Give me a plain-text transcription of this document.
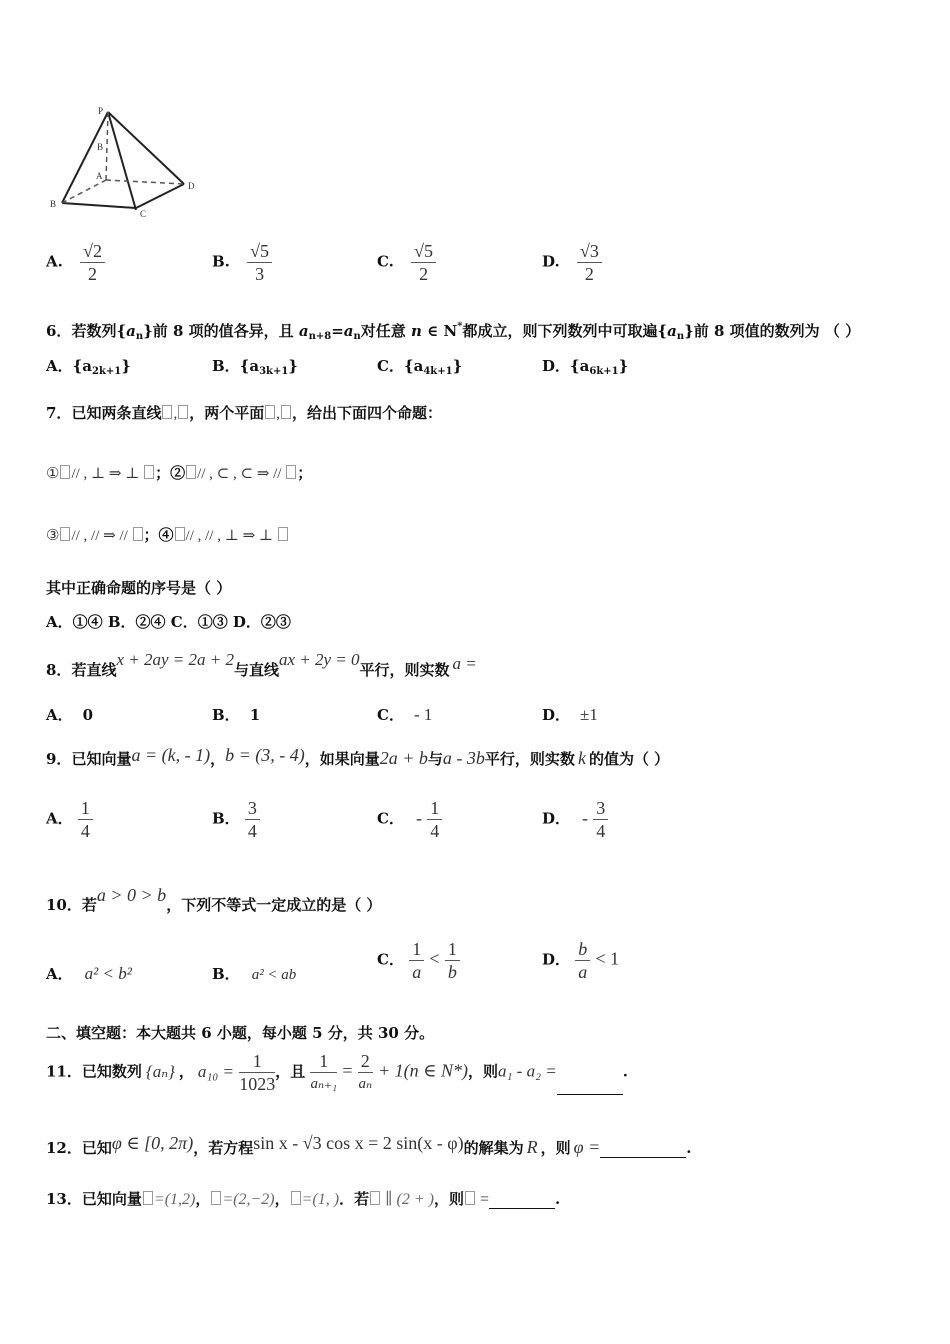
P
B
A
D
B
C
A. $\frac{√2}{2}$	B. $\frac{√5}{3}$	C. $\frac{√5}{2}$	D. $\frac{√3}{2}$
6．若数列$\{a_n\}$前 8 项的值各异，且 $a_{n+8}=a_n$对任意 n ∈ N*都成立，则下列数列中可取遍$\{a_n\}$前 8 项值的数列为 （ ）
A．$\{a_{2k+1}\}$	B．$\{a_{3k+1}\}$	C．$\{a_{4k+1}\}$	D．$\{a_{6k+1}\}$
7．已知两条直线 , ，两个平面 , ，给出下面四个命题：
① // , ⊥ ⇒ ⊥ ；② // , ⊂ , ⊂ ⇒ // ；
③ // , // ⇒ // ；④ // , // , ⊥ ⇒ ⊥
其中正确命题的序号是（ ）
A．①④ B．②④ C．①③ D．②③
8．若直线x + 2ay = 2a + 2与直线ax + 2y = 0平行，则实数 a =
A． 0	B． 1	C． - 1	D． ±1
9．已知向量a = (k, - 1)，b = (3, - 4)，如果向量2a + b与a - 3b平行，则实数 k 的值为（ ）
A． $\frac{1}{4}$	B． $\frac{3}{4}$	C． - $\frac{1}{4}$	D． - $\frac{3}{4}$
10．若a > 0 > b，下列不等式一定成立的是（ ）
A． a² < b²	B． a² < ab
C． $\frac{1}{a} < \frac{1}{b}$	D． $\frac{b}{a} < 1$
二、填空题：本大题共 6 小题，每小题 5 分，共 30 分。
11．已知数列 {aₙ} ， $a_{10} = \frac{1}{1023}$ ，且 $\frac{1}{\text{aₙ₊₁}} = \frac{2}{\text{aₙ}} + 1(n$ ∈ N*)，则a₁ - a₂ =	.
12．已知φ ∈ [0, 2π)，若方程sin x - √3 cos x = 2 sin(x - φ)的解集为 R ，则 φ =	.
13．已知向量 =(1,2)， =(2,−2)， =(1, )．若 ∥ (2 + )，则 =	.
